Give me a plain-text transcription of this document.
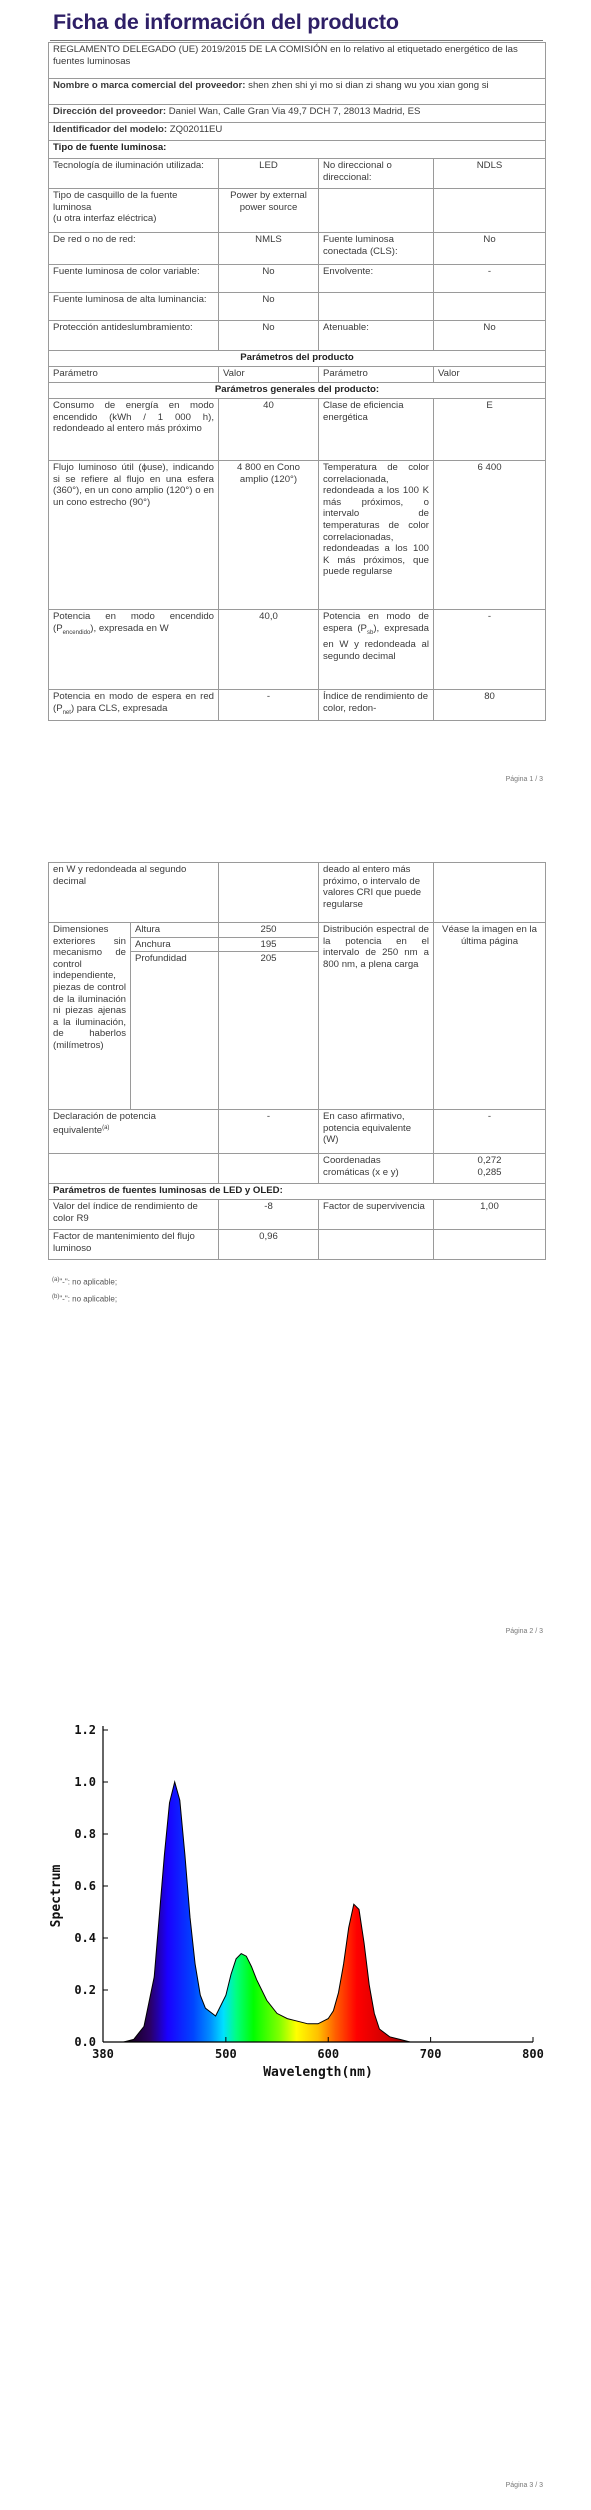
Ficha de información del producto
REGLAMENTO DELEGADO (UE) 2019/2015 DE LA COMISIÓN en lo relativo al etiquetado energético de las fuentes luminosas			
Nombre o marca comercial del proveedor: shen zhen shi yi mo si dian zi shang wu you xian gong si			
Dirección del proveedor: Daniel Wan, Calle Gran Via 49,7 DCH 7, 28013 Madrid, ES			
Identificador del modelo: ZQ02011EU			
Tipo de fuente luminosa:			
Tecnología de iluminación utilizada:	LED	No direccional o direccional:	NDLS

Tipo de casquillo de la fuente luminosa
(u otra interfaz eléctrica)	Power by external power source		
De red o no de red:	NMLS	Fuente luminosa conectada (CLS):	No
Fuente luminosa de color variable:	No	Envolvente:	-
Fuente luminosa de alta luminancia:	No		
Protección antideslumbramiento:	No	Atenuable:	No
Parámetros del producto			
Parámetro	Valor	Parámetro	Valor
Parámetros generales del producto:			
Consumo de energía en modo encendido (kWh / 1 000 h), redondeado al entero más próximo	40	Clase de eficiencia energética	E
Flujo luminoso útil (ϕuse), indicando si se refiere al flujo en una esfera (360°), en un cono amplio (120°) o en un cono estrecho (90°)	4 800 en Cono amplio (120°)	Temperatura de color correlacionada, redondeada a los 100 K más próximos, o intervalo de temperaturas de color correlacionadas, redondeadas a los 100 K más próximos, que puede regularse	6 400
Potencia en modo encendido $(P_{encendido})$, expresada en W	40,0	Potencia en modo de espera $(P_{sb})$, expresada en W y redondeada al segundo decimal	-
Potencia en modo de espera en red $(P_{net})$ para CLS, expresada	-	Índice de rendimiento de color, redon-	80
Página 1 / 3
en W y redondeada al segundo decimal			deado al entero más próximo, o intervalo de valores CRI que puede regularse	
Dimensiones exteriores sin mecanismo de control independiente, piezas de control de la iluminación ni piezas ajenas a la iluminación, de haberlos (milímetros)	Altura	250	Distribución espectral de la potencia en el intervalo de 250 nm a 800 nm, a plena carga	Véase la imagen en la última página
	Anchura	195		
	Profundidad	205		
Declaración de potencia equivalente$^{(a)}$		-	En caso afirmativo, potencia equivalente (W)	-
			Coordenadas cromáticas (x e y)	0,272
0,285

Parámetros de fuentes luminosas de LED y OLED:				
Valor del índice de rendimiento de color R9		-8	Factor de supervivencia	1,00
Factor de mantenimiento del flujo luminoso		0,96		
$^{(a)}$"-": no aplicable;
$^{(b)}$"-": no aplicable;
Página 2 / 3
0.0
0.2
0.4
0.6
0.8
1.0
1.2
380	500	600	700	800
Wavelength(nm)
Spectrum
Página 3 / 3
